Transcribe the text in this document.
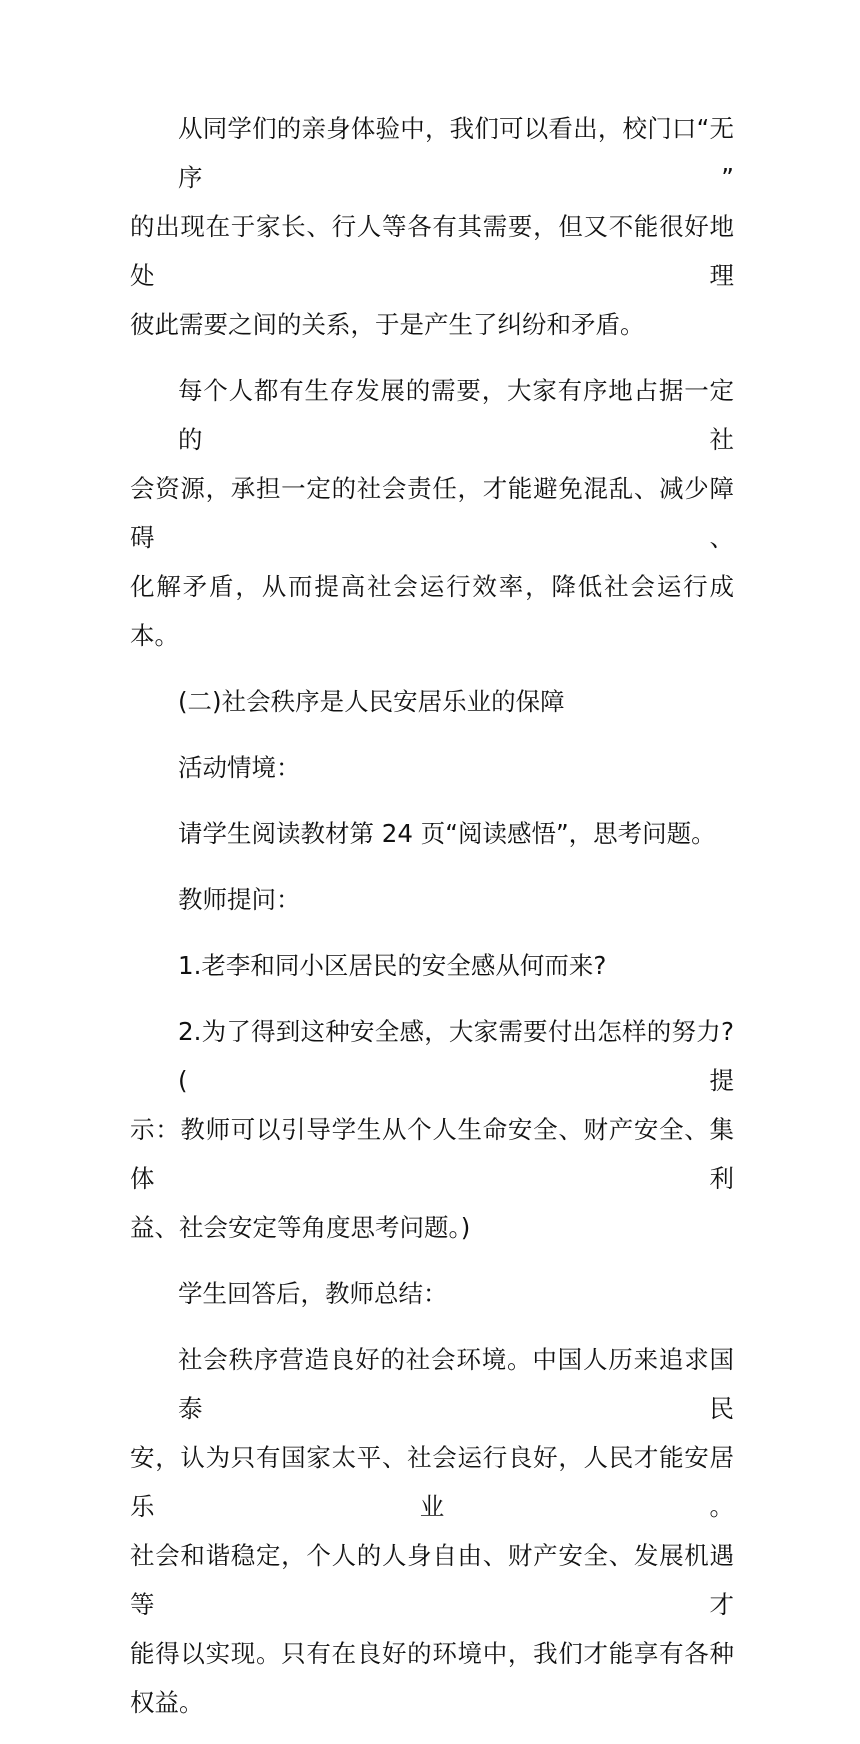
从同学们的亲身体验中，我们可以看出，校门口“无序”
的出现在于家长、行人等各有其需要，但又不能很好地处理
彼此需要之间的关系，于是产生了纠纷和矛盾。

每个人都有生存发展的需要，大家有序地占据一定的社
会资源，承担一定的社会责任，才能避免混乱、减少障碍、
化解矛盾，从而提高社会运行效率，降低社会运行成本。

(二)社会秩序是人民安居乐业的保障

活动情境：

请学生阅读教材第 24 页“阅读感悟”，思考问题。

教师提问：

1.老李和同小区居民的安全感从何而来?

2.为了得到这种安全感，大家需要付出怎样的努力?(提
示：教师可以引导学生从个人生命安全、财产安全、集体利
益、社会安定等角度思考问题。)

学生回答后，教师总结：

社会秩序营造良好的社会环境。中国人历来追求国泰民
安，认为只有国家太平、社会运行良好，人民才能安居乐业。
社会和谐稳定，个人的人身自由、财产安全、发展机遇等才
能得以实现。只有在良好的环境中，我们才能享有各种权益。
